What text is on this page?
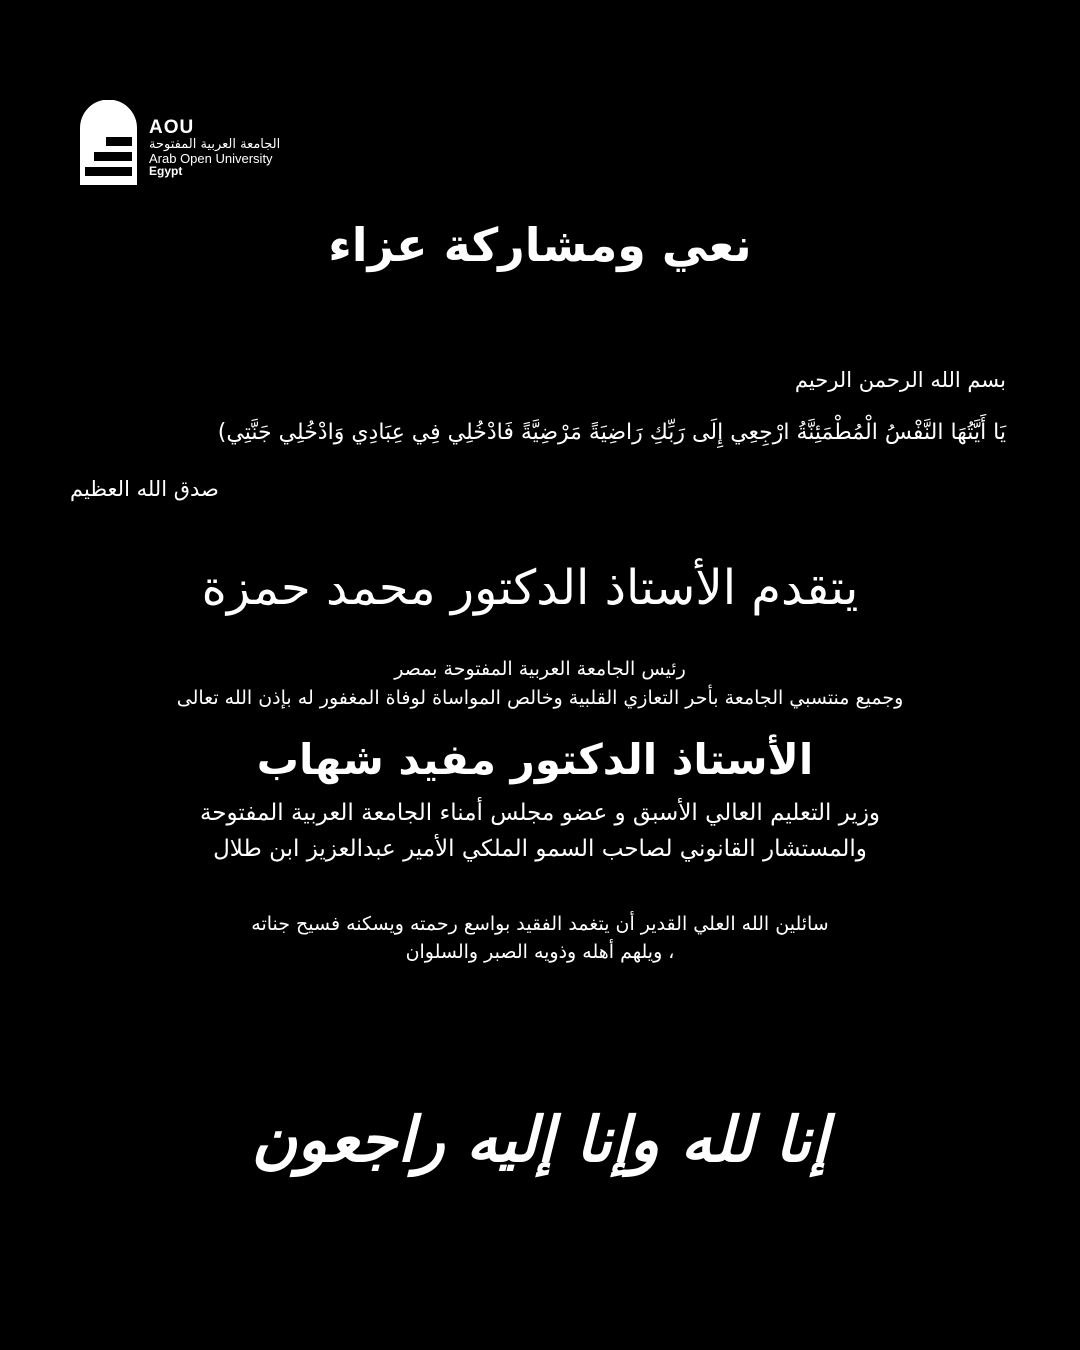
AOU
الجامعة العربية المفتوحة
Arab Open University
Egypt
نعي ومشاركة عزاء
بسم الله الرحمن الرحيم
يَا أَيَّتُهَا النَّفْسُ الْمُطْمَئِنَّةُ ارْجِعِي إِلَى رَبِّكِ رَاضِيَةً مَرْضِيَّةً فَادْخُلِي فِي عِبَادِي وَادْخُلِي جَنَّتِي)
صدق الله العظيم
يتقدم الأستاذ الدكتور محمد حمزة
رئيس الجامعة العربية المفتوحة بمصر
وجميع منتسبي الجامعة بأحر التعازي القلبية وخالص المواساة لوفاة المغفور له بإذن الله تعالى
الأستاذ الدكتور مفيد شهاب
وزير التعليم العالي الأسبق و عضو مجلس أمناء الجامعة العربية المفتوحة
والمستشار القانوني لصاحب السمو الملكي الأمير عبدالعزيز ابن طلال
سائلين الله العلي القدير أن يتغمد الفقيد بواسع رحمته ويسكنه فسيح جناته
، ويلهم أهله وذويه الصبر والسلوان
إنا لله وإنا إليه راجعون
